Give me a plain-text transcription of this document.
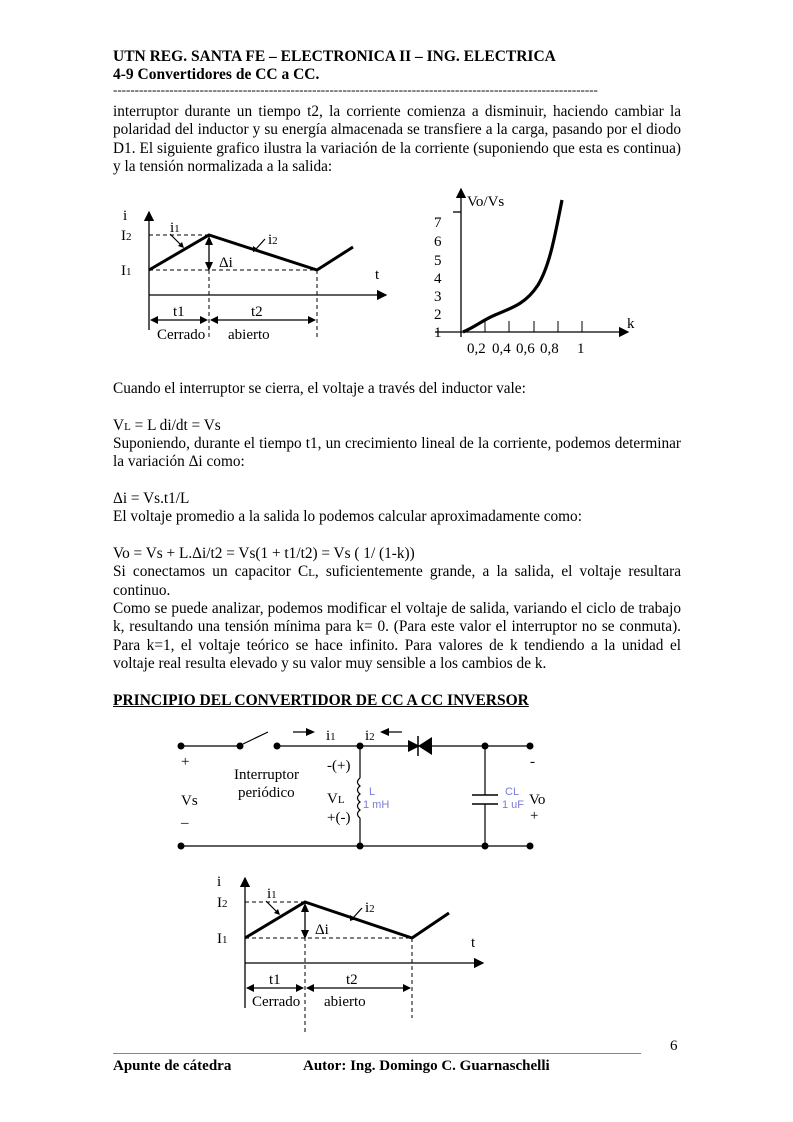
UTN REG. SANTA FE – ELECTRONICA II – ING. ELECTRICA
4-9 Convertidores de CC a CC.
----------------------------------------------------------------------------------------------------------------
interruptor durante un tiempo t2, la corriente comienza a disminuir, haciendo cambiar la polaridad del inductor y su energía almacenada se transfiere a la carga, pasando por el diodo D1. El siguiente grafico ilustra la variación de la corriente (suponiendo que esta es continua) y la tensión normalizada a la salida:
i
I2
I1
i1
i2
Δi
t
t1	t2
Cerrado abierto
Vo/Vs
k
1
2
3
4
5
6
7
0,2 0,4 0,6 0,8 1
Cuando el interruptor se cierra, el voltaje a través del inductor vale:
VL = L di/dt = Vs
Suponiendo, durante el tiempo t1, un crecimiento lineal de la corriente, podemos determinar la variación Δi como:
Δi = Vs.t1/L
El voltaje promedio a la salida lo podemos calcular aproximadamente como:
Vo = Vs + L.Δi/t2 = Vs(1 + t1/t2) = Vs ( 1/ (1-k))
Si conectamos un capacitor CL, suficientemente grande, a la salida, el voltaje resultara continuo.
Como se puede analizar, podemos modificar el voltaje de salida, variando el ciclo de trabajo k, resultando una tensión mínima para k= 0. (Para este valor el interruptor no se conmuta). Para k=1, el voltaje teórico se hace infinito. Para valores de k tendiendo a la unidad el voltaje real resulta elevado y su valor muy sensible a los cambios de k.
PRINCIPIO DEL CONVERTIDOR DE CC A CC INVERSOR
i1 i2
+
–
Vs
Interruptor
periódico
-(+)
+(-)
VL
L
1 mH
CL
1 uF
-
+
Vo
i
I2
I1
i1
i2
Δi
t
t1	t2
Cerrado abierto
6
Apunte de cátedra	Autor: Ing. Domingo C. Guarnaschelli
